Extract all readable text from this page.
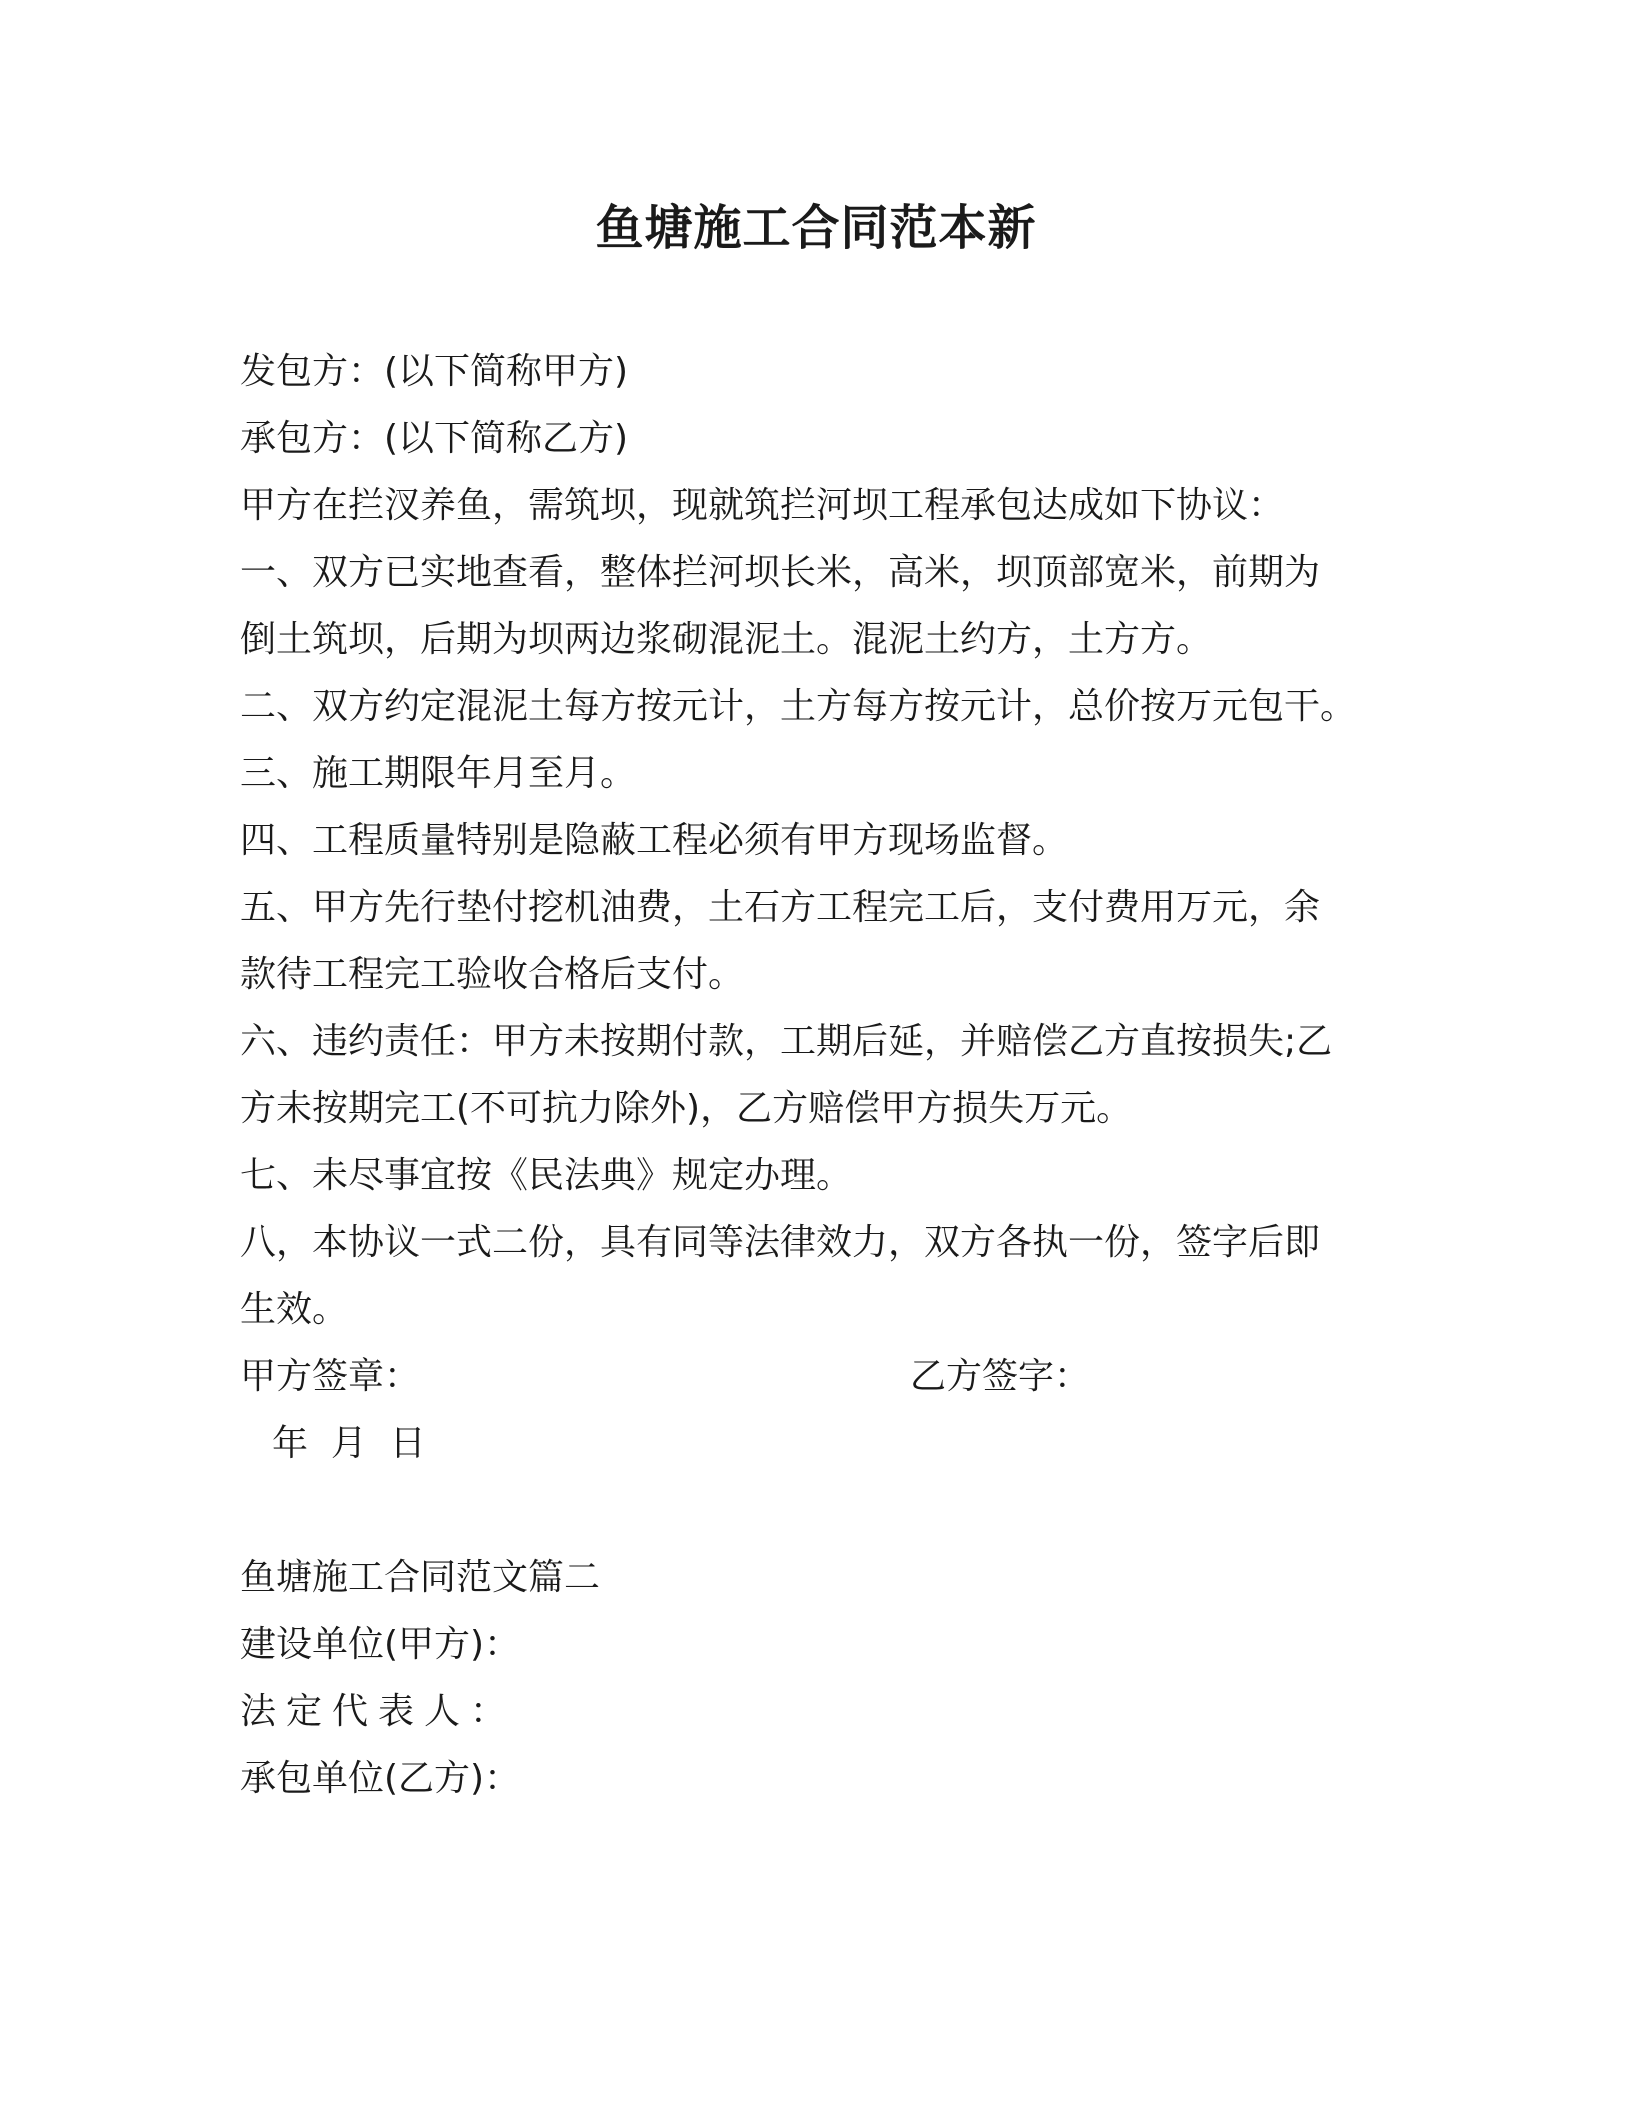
鱼塘施工合同范本新
发包方：(以下简称甲方)
承包方：(以下简称乙方)
甲方在拦汊养鱼，需筑坝，现就筑拦河坝工程承包达成如下协议：
一、双方已实地查看，整体拦河坝长米，高米，坝顶部宽米，前期为
倒土筑坝，后期为坝两边浆砌混泥土。混泥土约方，土方方。
二、双方约定混泥土每方按元计，土方每方按元计，总价按万元包干。
三、施工期限年月至月。
四、工程质量特别是隐蔽工程必须有甲方现场监督。
五、甲方先行垫付挖机油费，土石方工程完工后，支付费用万元，余
款待工程完工验收合格后支付。
六、违约责任：甲方未按期付款，工期后延，并赔偿乙方直按损失;乙
方未按期完工(不可抗力除外)，乙方赔偿甲方损失万元。
七、未尽事宜按《民法典》规定办理。
八，本协议一式二份，具有同等法律效力，双方各执一份，签字后即
生效。
甲方签章：	乙方签字：
年  月  日
鱼塘施工合同范文篇二
建设单位(甲方)：
法定代表人：
承包单位(乙方)：
